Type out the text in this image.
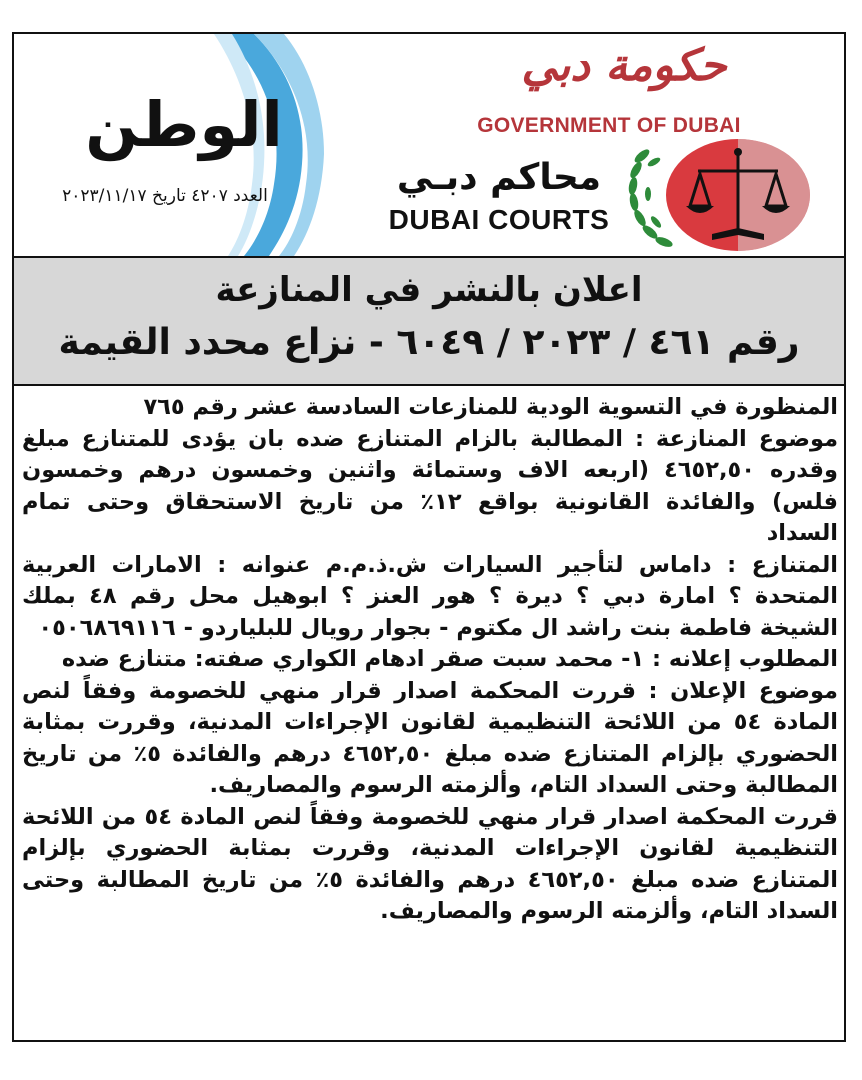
الوطن
العدد ٤٢٠٧ تاريخ ٢٠٢٣/١١/١٧
حكومة دبي
GOVERNMENT OF DUBAI
محاكم دبـي
DUBAI COURTS
اعلان بالنشر في المنازعة
رقم ٤٦١ / ٢٠٢٣ / ٦٠٤٩ - نزاع محدد القيمة

المنظورة في التسوية الودية للمنازعات السادسة عشر رقم ٧٦٥

موضوع المنازعة : المطالبة بالزام المتنازع ضده بان يؤدى للمتنازع مبلغ وقدره ٤٦٥٢,٥٠ (اربعه الاف وستمائة واثنين وخمسون درهم وخمسون فلس) والفائدة القانونية بواقع ١٢٪ من تاريخ الاستحقاق وحتى تمام السداد

المتنازع : داماس لتأجير السيارات ش.ذ.م.م عنوانه : الامارات العربية المتحدة ؟ امارة دبي ؟ ديرة ؟ هور العنز ؟ ابوهيل محل رقم ٤٨ بملك الشيخة فاطمة بنت راشد ال مكتوم - بجوار رويال للبلياردو - ٠٥٠٦٨٦٩١١٦

المطلوب إعلانه : ١- محمد سبت صقر ادهام الكواري صفته: متنازع ضده

موضوع الإعلان : قررت المحكمة اصدار قرار منهي للخصومة وفقاً لنص المادة ٥٤ من اللائحة التنظيمية لقانون الإجراءات المدنية، وقررت بمثابة الحضوري بإلزام المتنازع ضده مبلغ ٤٦٥٢,٥٠ درهم والفائدة ٥٪ من تاريخ المطالبة وحتى السداد التام، وألزمته الرسوم والمصاريف.

قررت المحكمة اصدار قرار منهي للخصومة وفقاً لنص المادة ٥٤ من اللائحة التنظيمية لقانون الإجراءات المدنية، وقررت بمثابة الحضوري بإلزام المتنازع ضده مبلغ ٤٦٥٢,٥٠ درهم والفائدة ٥٪ من تاريخ المطالبة وحتى السداد التام، وألزمته الرسوم والمصاريف.
